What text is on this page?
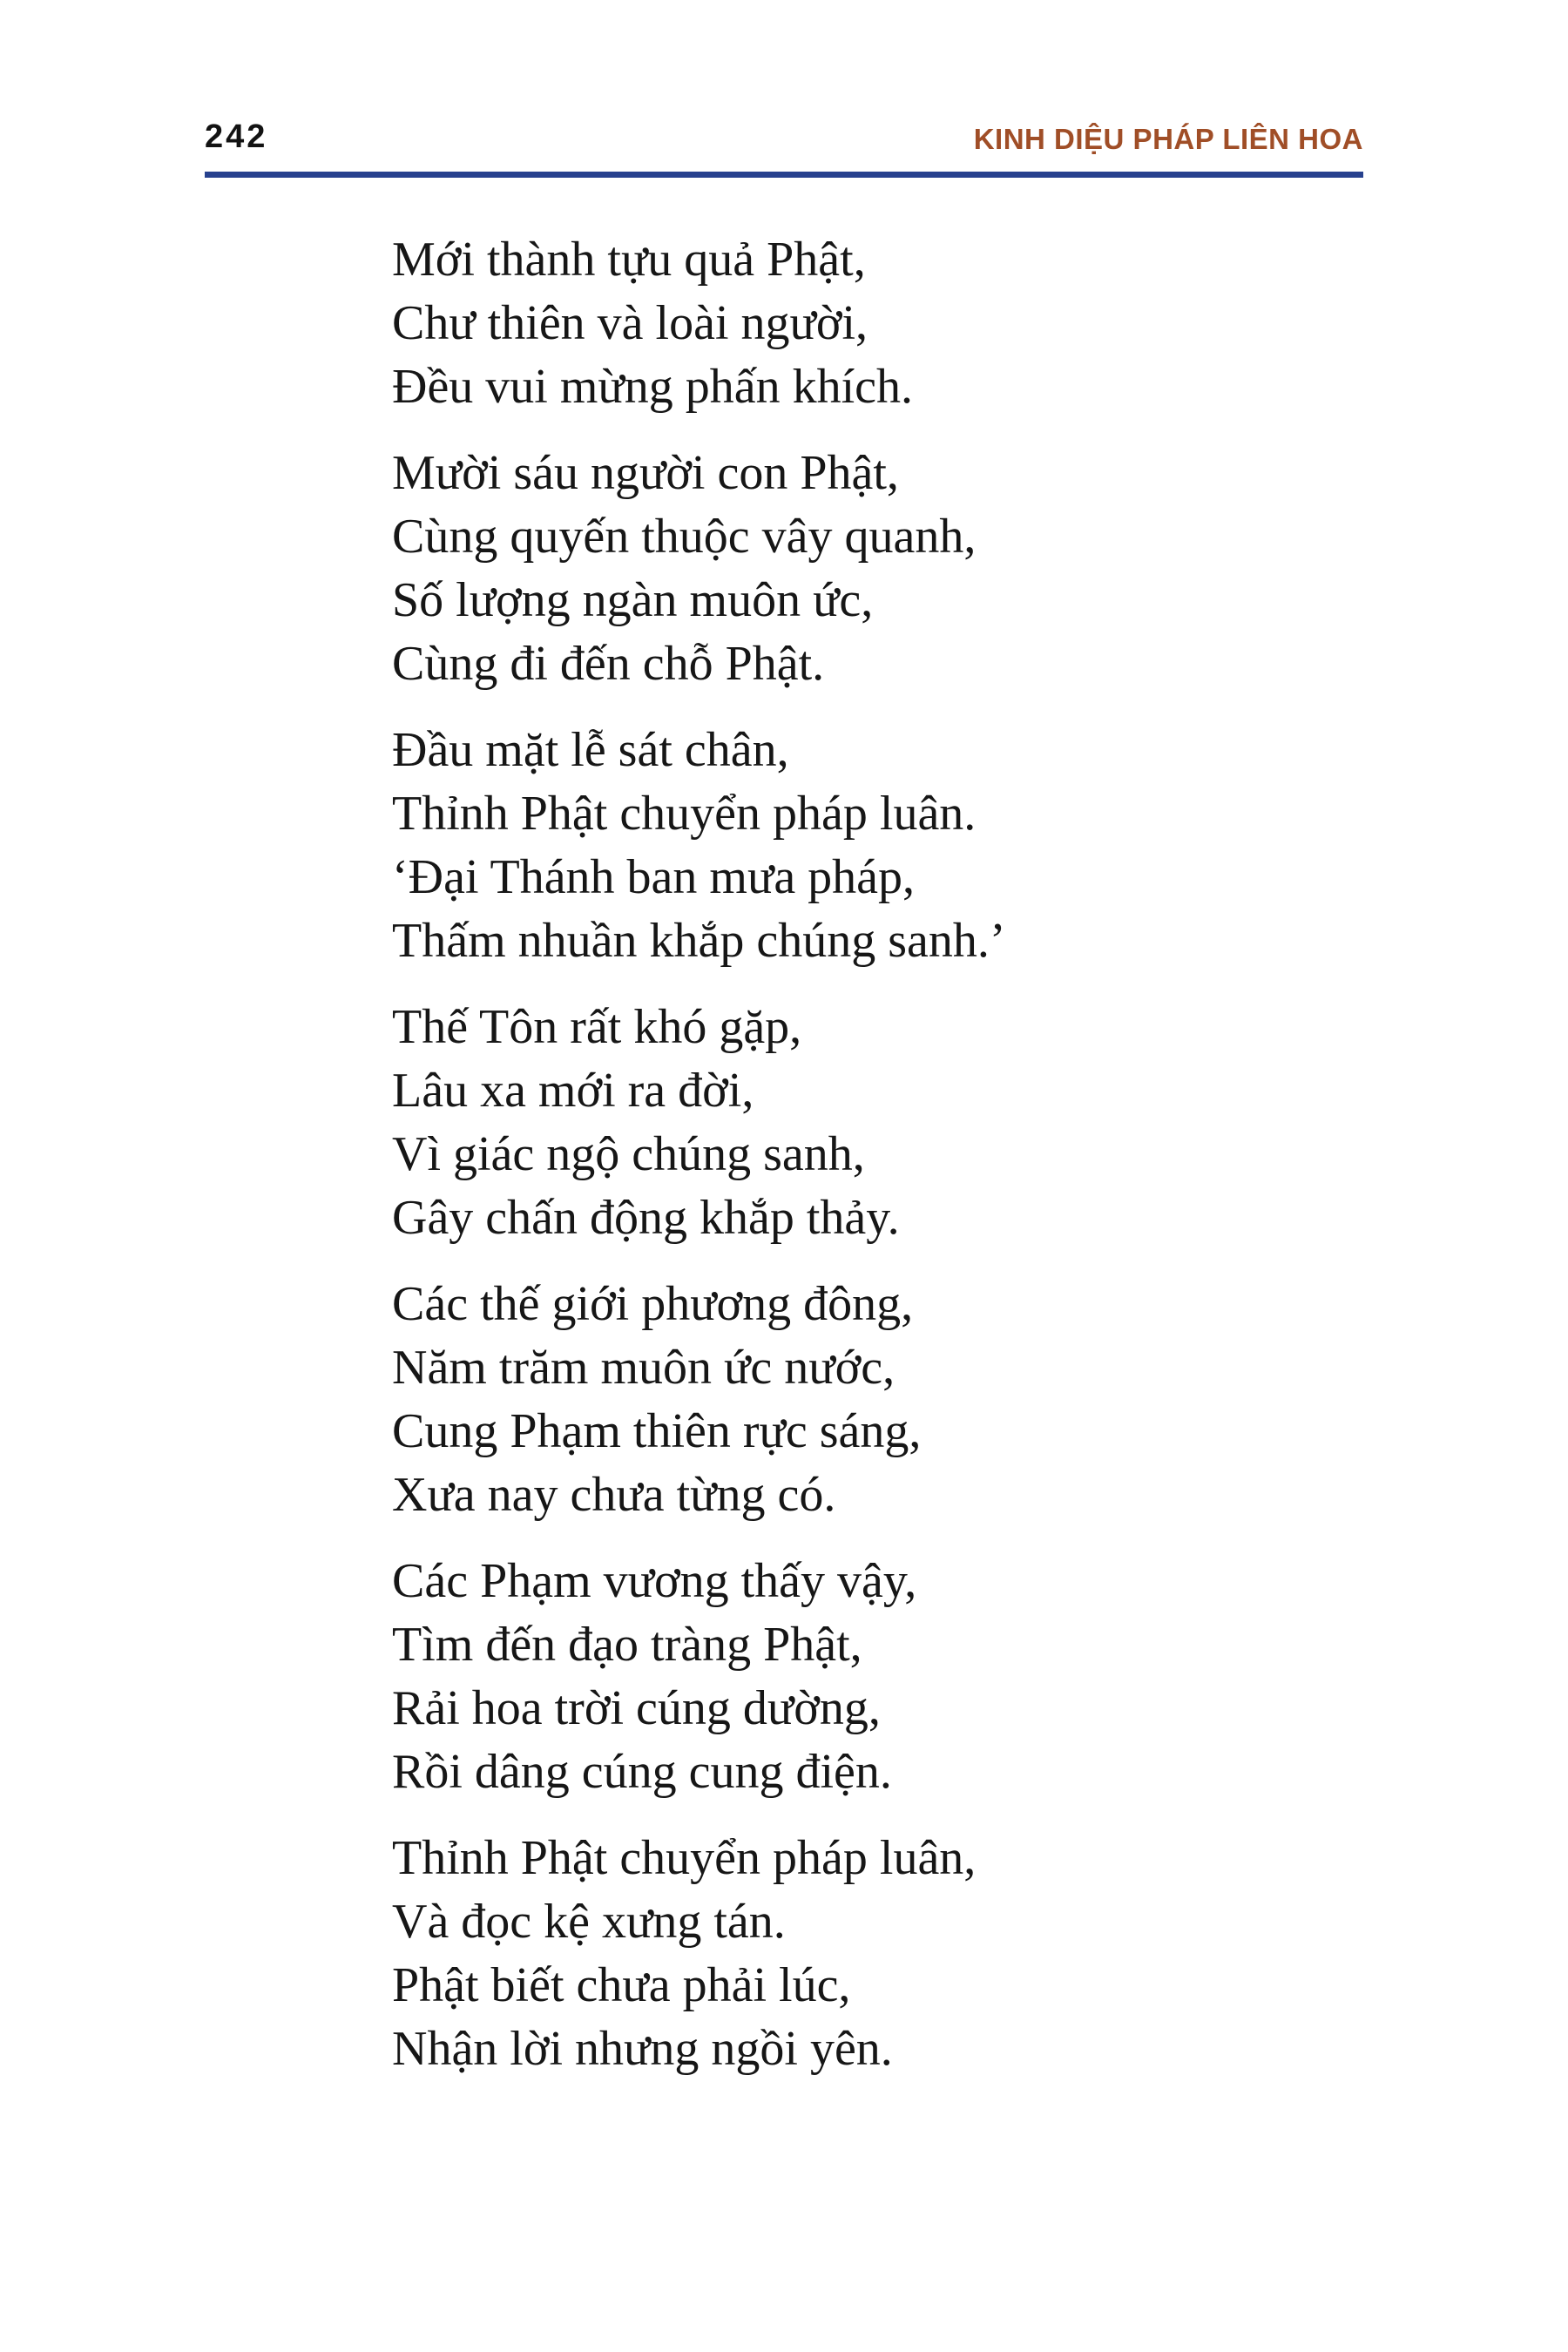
242	KINH DIỆU PHÁP LIÊN HOA
Mới thành tựu quả Phật,
Chư thiên và loài người,
Đều vui mừng phấn khích.
Mười sáu người con Phật,
Cùng quyến thuộc vây quanh,
Số lượng ngàn muôn ức,
Cùng đi đến chỗ Phật.
Đầu mặt lễ sát chân,
Thỉnh Phật chuyển pháp luân.
‘Đại Thánh ban mưa pháp,
Thấm nhuần khắp chúng sanh.’
Thế Tôn rất khó gặp,
Lâu xa mới ra đời,
Vì giác ngộ chúng sanh,
Gây chấn động khắp thảy.
Các thế giới phương đông,
Năm trăm muôn ức nước,
Cung Phạm thiên rực sáng,
Xưa nay chưa từng có.
Các Phạm vương thấy vậy,
Tìm đến đạo tràng Phật,
Rải hoa trời cúng dường,
Rồi dâng cúng cung điện.
Thỉnh Phật chuyển pháp luân,
Và đọc kệ xưng tán.
Phật biết chưa phải lúc,
Nhận lời nhưng ngồi yên.
